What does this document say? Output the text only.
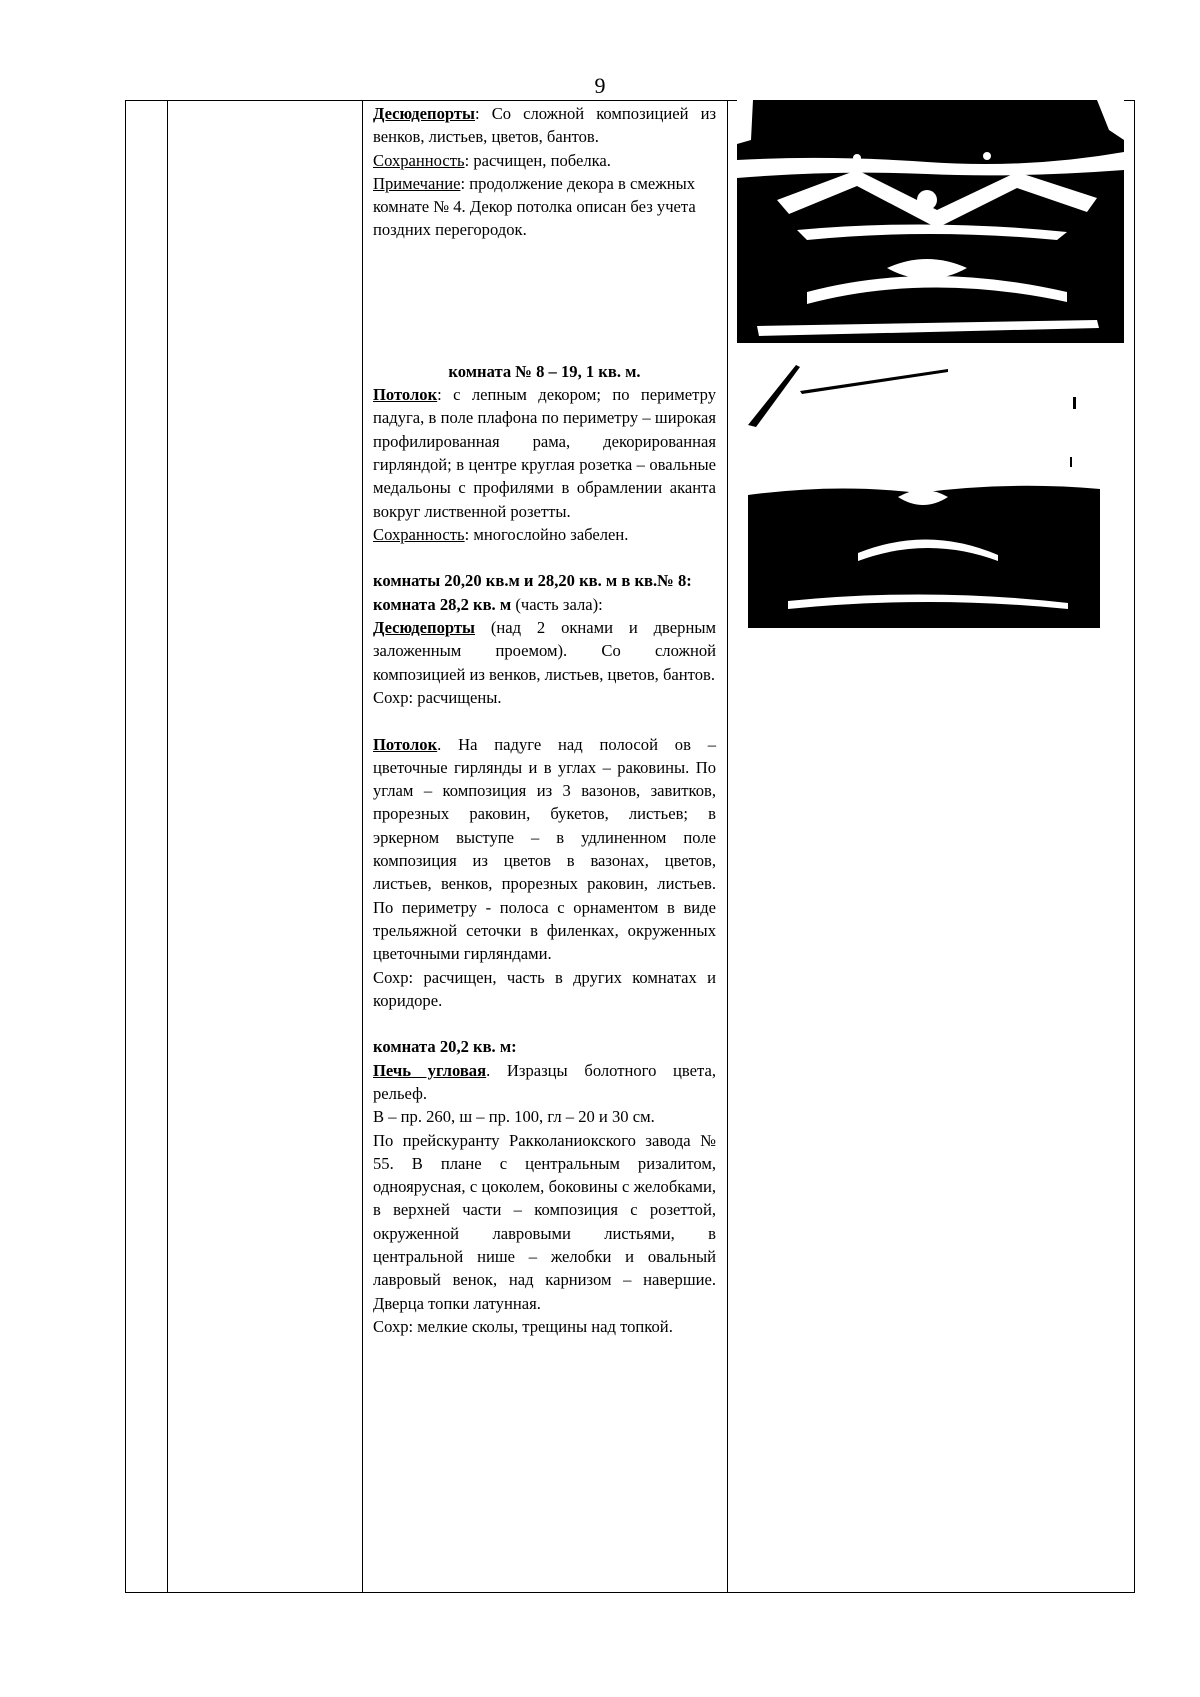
9

Десюдепорты: Со сложной композицией из венков, листьев, цветов, бантов.

Сохранность: расчищен, побелка.

Примечание: продолжение декора в смежных комнате № 4. Декор потолка описан без учета поздних перегородок.

комната № 8 – 19, 1 кв. м.

Потолок: с лепным декором; по периметру падуга, в поле плафона по периметру – широкая профилированная рама, декорированная гирляндой; в центре круглая розетка – овальные медальоны с профилями в обрамлении аканта вокруг лиственной розетты.

Сохранность: многослойно забелен.

комнаты 20,20 кв.м и 28,20 кв. м в кв.№ 8:

комната 28,2 кв. м (часть зала):

Десюдепорты (над 2 окнами и дверным заложенным проемом). Со сложной композицией из венков, листьев, цветов, бантов.

Сохр: расчищены.

Потолок. На падуге над полосой ов – цветочные гирлянды и в углах – раковины. По углам – композиция из 3 вазонов, завитков, прорезных раковин, букетов, листьев; в эркерном выступе – в удлиненном поле композиция из цветов в вазонах, цветов, листьев, венков, прорезных раковин, листьев. По периметру - полоса с орнаментом в виде трельяжной сеточки в филенках, окруженных цветочными гирляндами.

Сохр: расчищен, часть в других комнатах и коридоре.

комната 20,2 кв. м:

Печь угловая. Изразцы болотного цвета, рельеф.

В – пр. 260, ш – пр. 100, гл – 20 и 30 см.

По прейскуранту Ракколаниокского завода № 55. В плане с центральным ризалитом, одноярусная, с цоколем, боковины с желобками, в верхней части – композиция с розеттой, окруженной лавровыми листьями, в центральной нише – желобки и овальный лавровый венок, над карнизом – навершие. Дверца топки латунная.

Сохр: мелкие сколы, трещины над топкой.
